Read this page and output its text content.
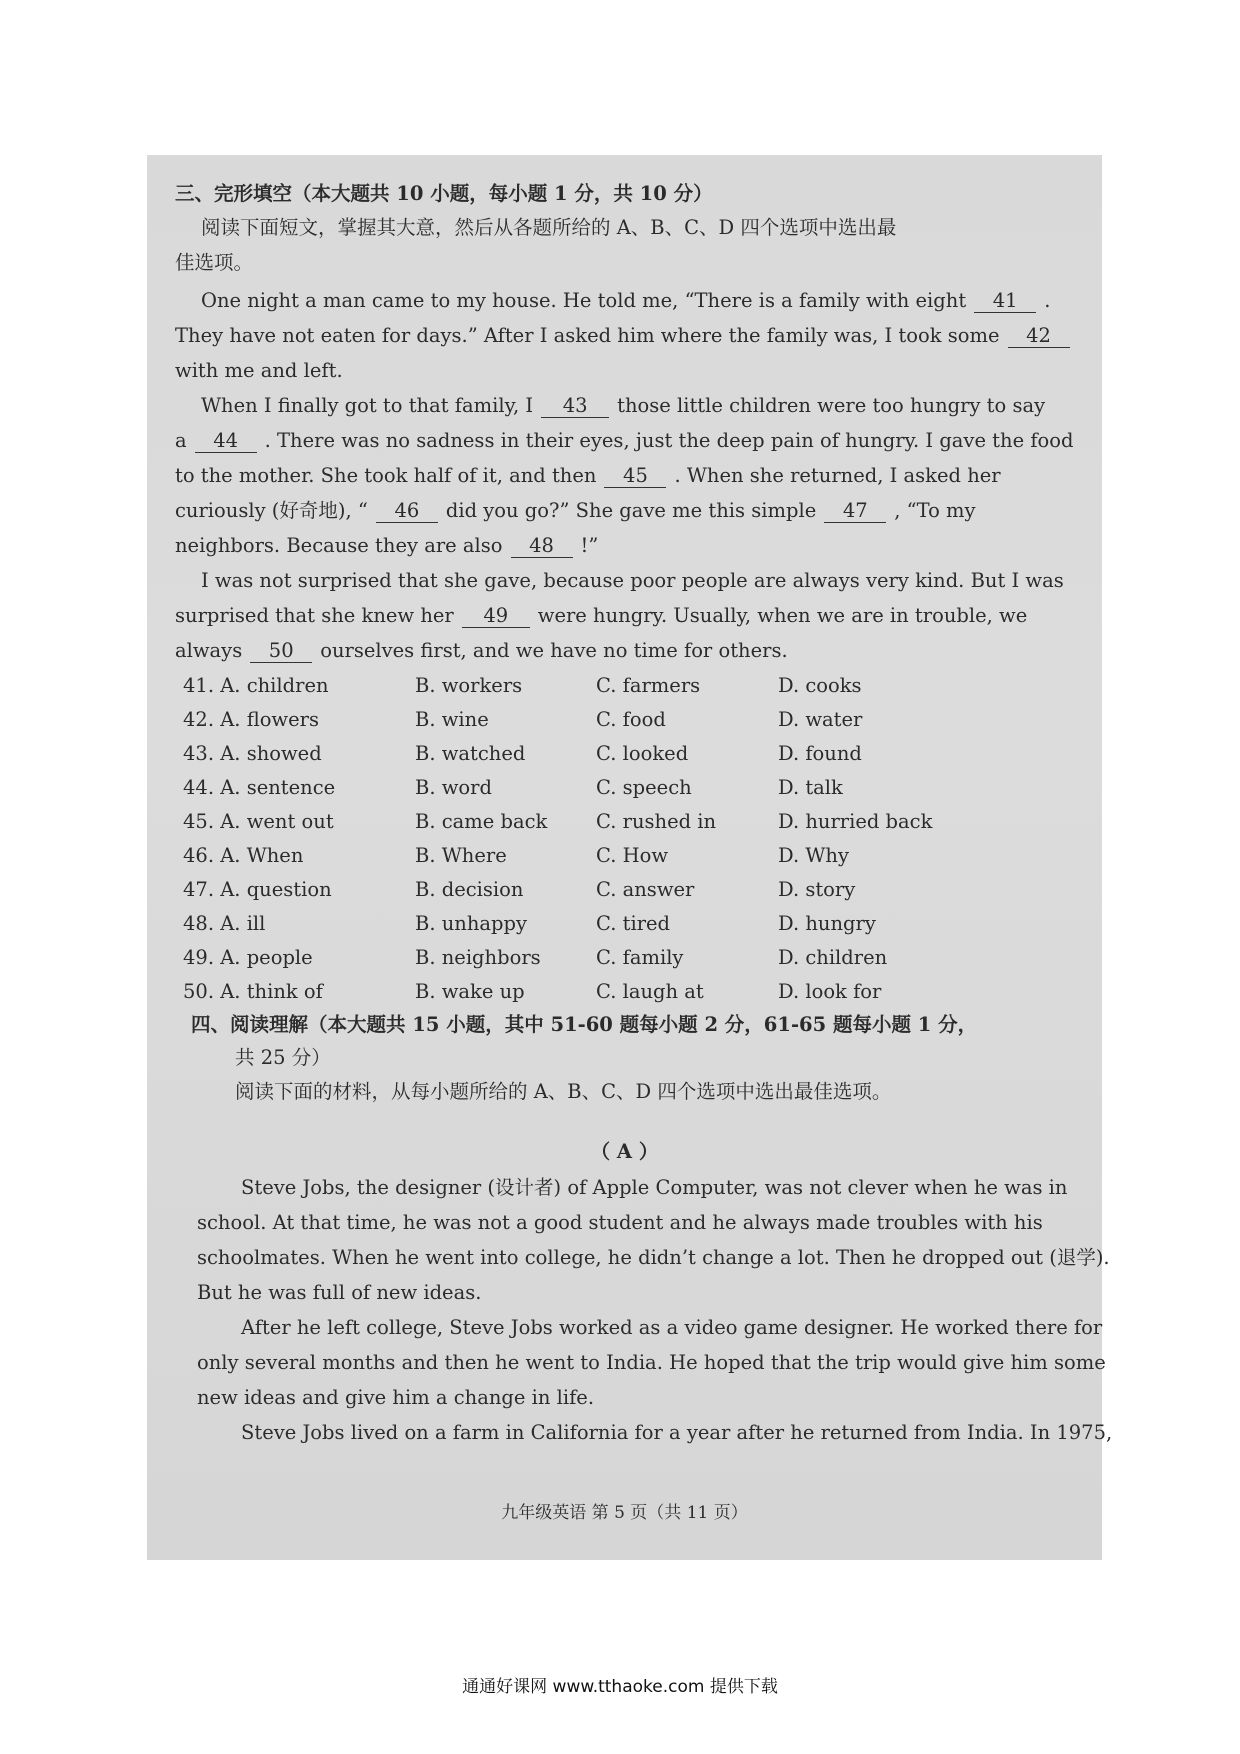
三、完形填空（本大题共 10 小题，每小题 1 分，共 10 分）
阅读下面短文，掌握其大意，然后从各题所给的 A、B、C、D 四个选项中选出最
佳选项。
One night a man came to my house. He told me, “There is a family with eight 41 .
They have not eaten for days.” After I asked him where the family was, I took some 42
with me and left.
When I finally got to that family, I 43 those little children were too hungry to say
a 44 . There was no sadness in their eyes, just the deep pain of hungry. I gave the food
to the mother. She took half of it, and then 45 . When she returned, I asked her
curiously (好奇地), “ 46 did you go?” She gave me this simple 47 , “To my
neighbors. Because they are also 48 !”
I was not surprised that she gave, because poor people are always very kind. But I was
surprised that she knew her 49 were hungry. Usually, when we are in trouble, we
always 50 ourselves first, and we have no time for others.
41. A. children	B. workers	C. farmers	D. cooks
42. A. flowers	B. wine	C. food	D. water
43. A. showed	B. watched	C. looked	D. found
44. A. sentence	B. word	C. speech	D. talk
45. A. went out	B. came back C. rushed in	D. hurried back
46. A. When	B. Where	C. How	D. Why
47. A. question	B. decision	C. answer	D. story
48. A. ill	B. unhappy	C. tired	D. hungry
49. A. people	B. neighbors	C. family	D. children
50. A. think of	B. wake up	C. laugh at	D. look for
四、阅读理解（本大题共 15 小题，其中 51-60 题每小题 2 分，61-65 题每小题 1 分，
共 25 分）
阅读下面的材料，从每小题所给的 A、B、C、D 四个选项中选出最佳选项。
（ A ）
Steve Jobs, the designer (设计者) of Apple Computer, was not clever when he was in
school. At that time, he was not a good student and he always made troubles with his
schoolmates. When he went into college, he didn’t change a lot. Then he dropped out (退学).
But he was full of new ideas.
After he left college, Steve Jobs worked as a video game designer. He worked there for
only several months and then he went to India. He hoped that the trip would give him some
new ideas and give him a change in life.
Steve Jobs lived on a farm in California for a year after he returned from India. In 1975,
九年级英语 第 5 页（共 11 页）
通通好课网 www.tthaoke.com 提供下载
